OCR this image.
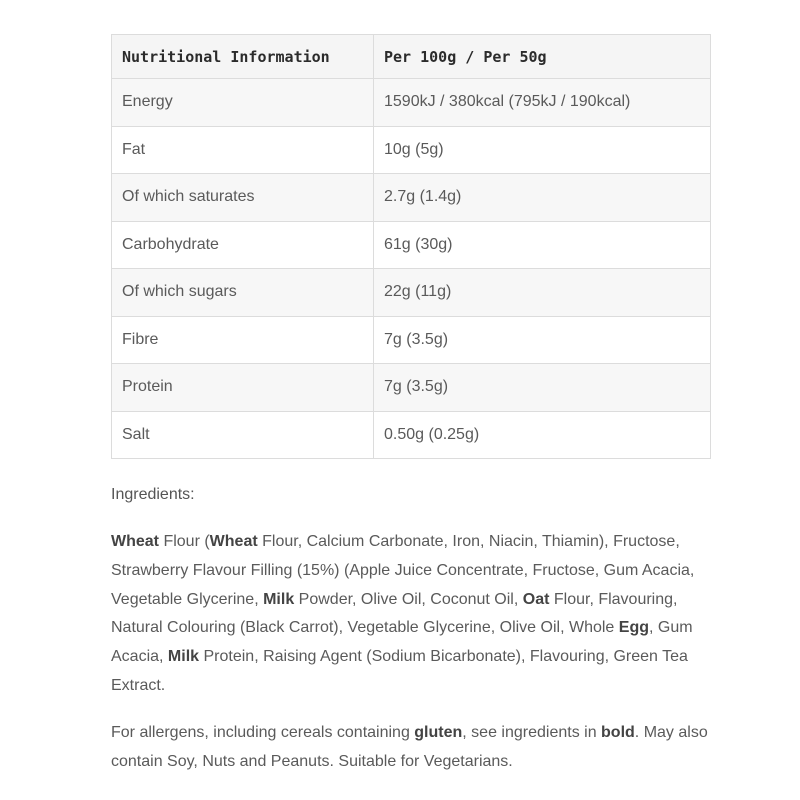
Nutritional Information	Per 100g / Per 50g
Energy	1590kJ / 380kcal (795kJ / 190kcal)
Fat	10g (5g)
Of which saturates	2.7g (1.4g)
Carbohydrate	61g (30g)
Of which sugars	22g (11g)
Fibre	7g (3.5g)
Protein	7g (3.5g)
Salt	0.50g (0.25g)
Ingredients:

Wheat Flour (Wheat Flour, Calcium Carbonate, Iron, Niacin, Thiamin), Fructose, Strawberry Flavour Filling (15%) (Apple Juice Concentrate, Fructose, Gum Acacia, Vegetable Glycerine, Milk Powder, Olive Oil, Coconut Oil, Oat Flour, Flavouring, Natural Colouring (Black Carrot), Vegetable Glycerine, Olive Oil, Whole Egg, Gum Acacia, Milk Protein, Raising Agent (Sodium Bicarbonate), Flavouring, Green Tea Extract.

For allergens, including cereals containing gluten, see ingredients in bold. May also contain Soy, Nuts and Peanuts. Suitable for Vegetarians.
